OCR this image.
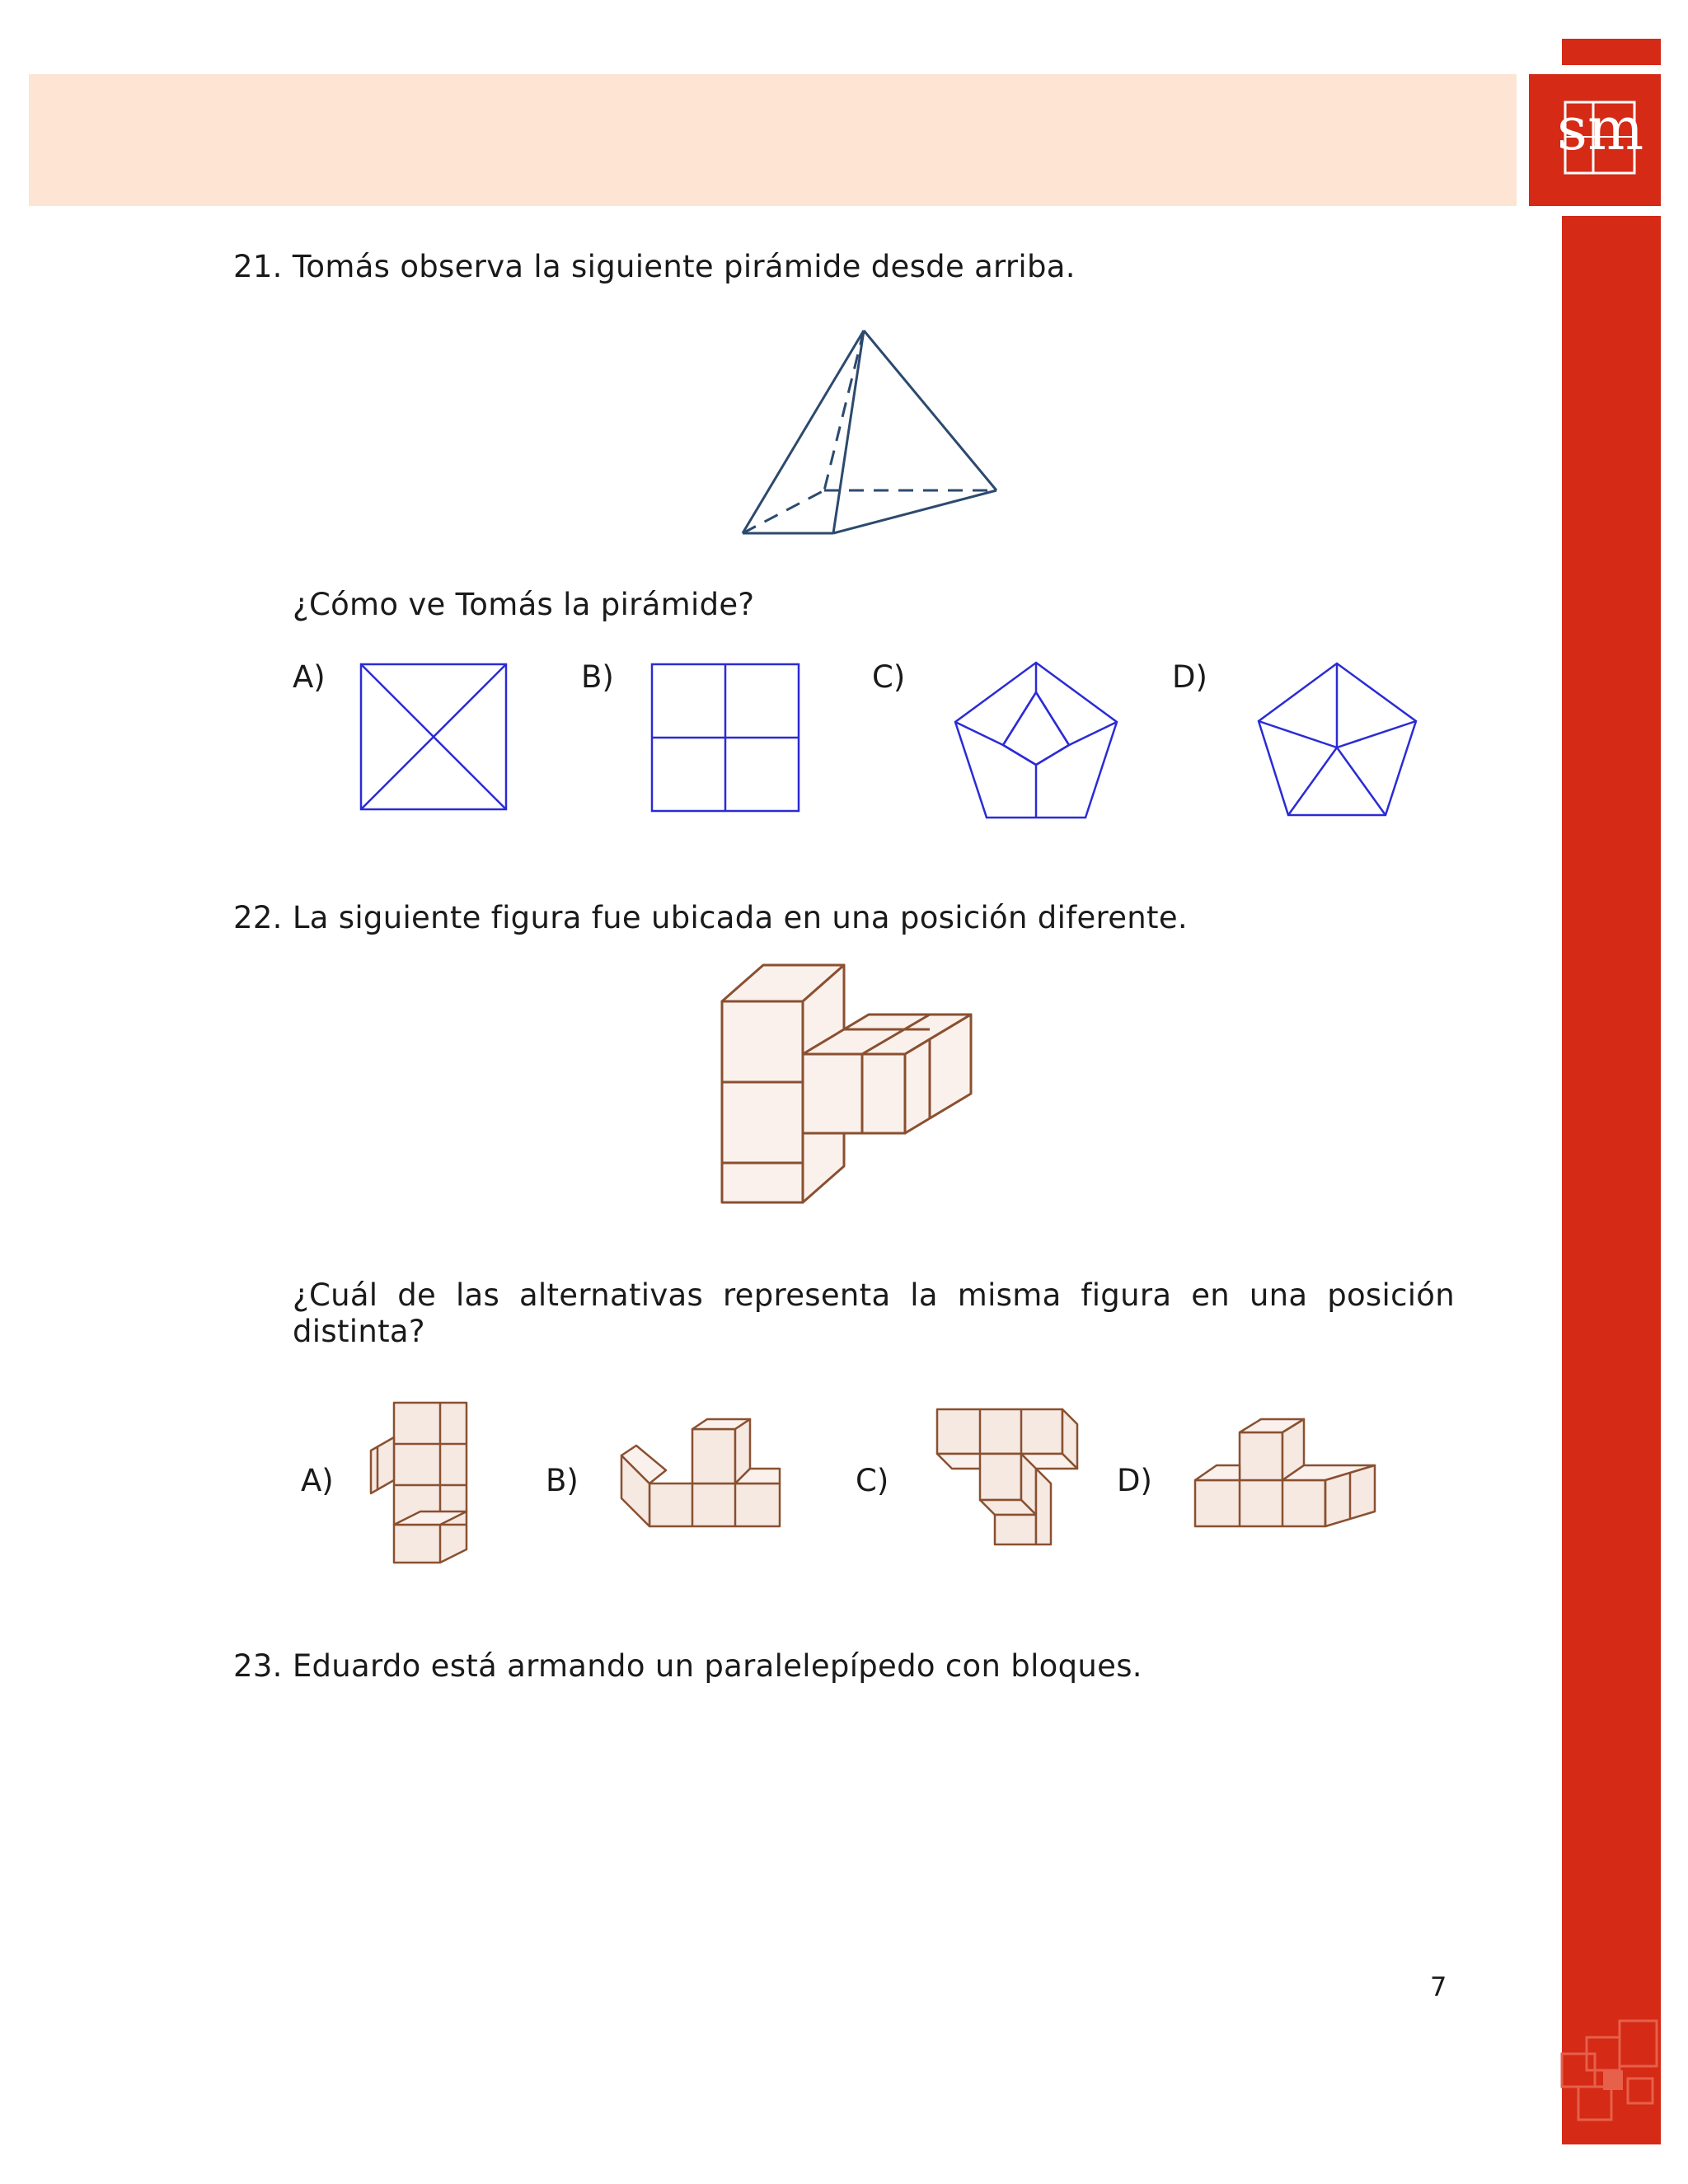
sm
21. Tomás observa la siguiente pirámide desde arriba.
¿Cómo ve Tomás la pirámide?
A)	B)	C)	D)
22. La siguiente figura fue ubicada en una posición diferente.
¿Cuál de las alternativas representa la misma figura en una posición distinta?
A)	B)	C)	D)
23. Eduardo está armando un paralelepípedo con bloques.
7
